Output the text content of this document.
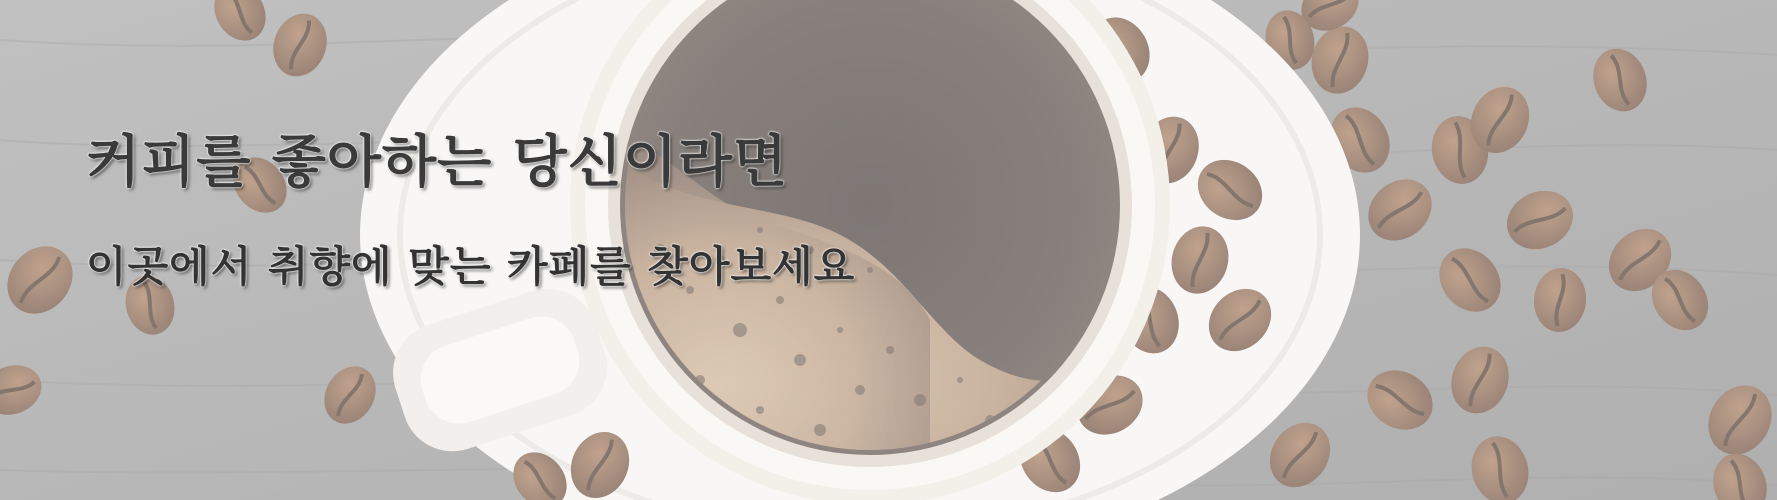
커피를 좋아하는 당신이라면

이곳에서 취향에 맞는 카페를 찾아보세요
